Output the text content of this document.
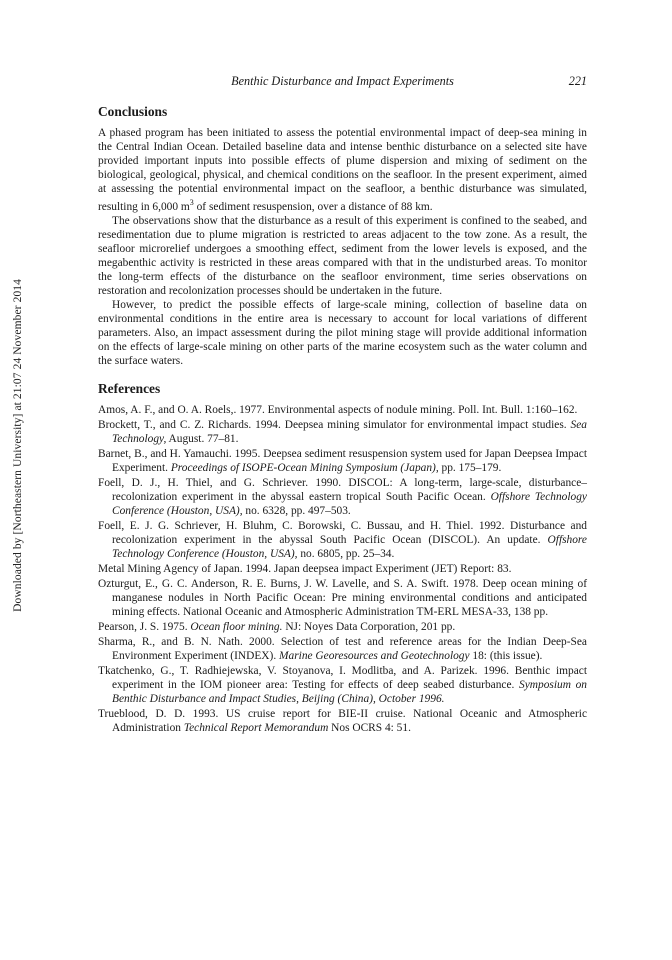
Downloaded by [Northeastern University] at 21:07 24 November 2014
Benthic Disturbance and Impact Experiments	221
Conclusions

A phased program has been initiated to assess the potential environmental impact of deep-sea mining in the Central Indian Ocean. Detailed baseline data and intense benthic disturbance on a selected site have provided important inputs into possible effects of plume dispersion and mixing of sediment on the biological, geological, physical, and chemical conditions on the seafloor. In the present experiment, aimed at assessing the potential environmental impact on the seafloor, a benthic disturbance was simulated, resulting in 6,000 $m^3$ of sediment resuspension, over a distance of 88 km.

The observations show that the disturbance as a result of this experiment is confined to the seabed, and resedimentation due to plume migration is restricted to areas adjacent to the tow zone. As a result, the seafloor microrelief undergoes a smoothing effect, sediment from the lower levels is exposed, and the megabenthic activity is restricted in these areas compared with that in the undisturbed areas. To monitor the long-term effects of the disturbance on the seafloor environment, time series observations on restoration and recolonization processes should be undertaken in the future.

However, to predict the possible effects of large-scale mining, collection of baseline data on environmental conditions in the entire area is necessary to account for local variations of different parameters. Also, an impact assessment during the pilot mining stage will provide additional information on the effects of large-scale mining on other parts of the marine ecosystem such as the water column and the surface waters.

References
Amos, A. F., and O. A. Roels,. 1977. Environmental aspects of nodule mining. Poll. Int. Bull. 1:160–162.
Brockett, T., and C. Z. Richards. 1994. Deepsea mining simulator for environmental impact studies. Sea Technology, August. 77–81.
Barnet, B., and H. Yamauchi. 1995. Deepsea sediment resuspension system used for Japan Deepsea Impact Experiment. Proceedings of ISOPE-Ocean Mining Symposium (Japan), pp. 175–179.
Foell, D. J., H. Thiel, and G. Schriever. 1990. DISCOL: A long-term, large-scale, disturbance–recolonization experiment in the abyssal eastern tropical South Pacific Ocean. Offshore Technology Conference (Houston, USA), no. 6328, pp. 497–503.
Foell, E. J. G. Schriever, H. Bluhm, C. Borowski, C. Bussau, and H. Thiel. 1992. Disturbance and recolonization experiment in the abyssal South Pacific Ocean (DISCOL). An update. Offshore Technology Conference (Houston, USA), no. 6805, pp. 25–34.
Metal Mining Agency of Japan. 1994. Japan deepsea impact Experiment (JET) Report: 83.
Ozturgut, E., G. C. Anderson, R. E. Burns, J. W. Lavelle, and S. A. Swift. 1978. Deep ocean mining of manganese nodules in North Pacific Ocean: Pre mining environmental conditions and anticipated mining effects. National Oceanic and Atmospheric Administration TM-ERL MESA-33, 138 pp.
Pearson, J. S. 1975. Ocean floor mining. NJ: Noyes Data Corporation, 201 pp.
Sharma, R., and B. N. Nath. 2000. Selection of test and reference areas for the Indian Deep-Sea Environment Experiment (INDEX). Marine Georesources and Geotechnology 18: (this issue).
Tkatchenko, G., T. Radhiejewska, V. Stoyanova, I. Modlitba, and A. Parizek. 1996. Benthic impact experiment in the IOM pioneer area: Testing for effects of deep seabed disturbance. Symposium on Benthic Disturbance and Impact Studies, Beijing (China), October 1996.
Trueblood, D. D. 1993. US cruise report for BIE-II cruise. National Oceanic and Atmospheric Administration Technical Report Memorandum Nos OCRS 4: 51.
